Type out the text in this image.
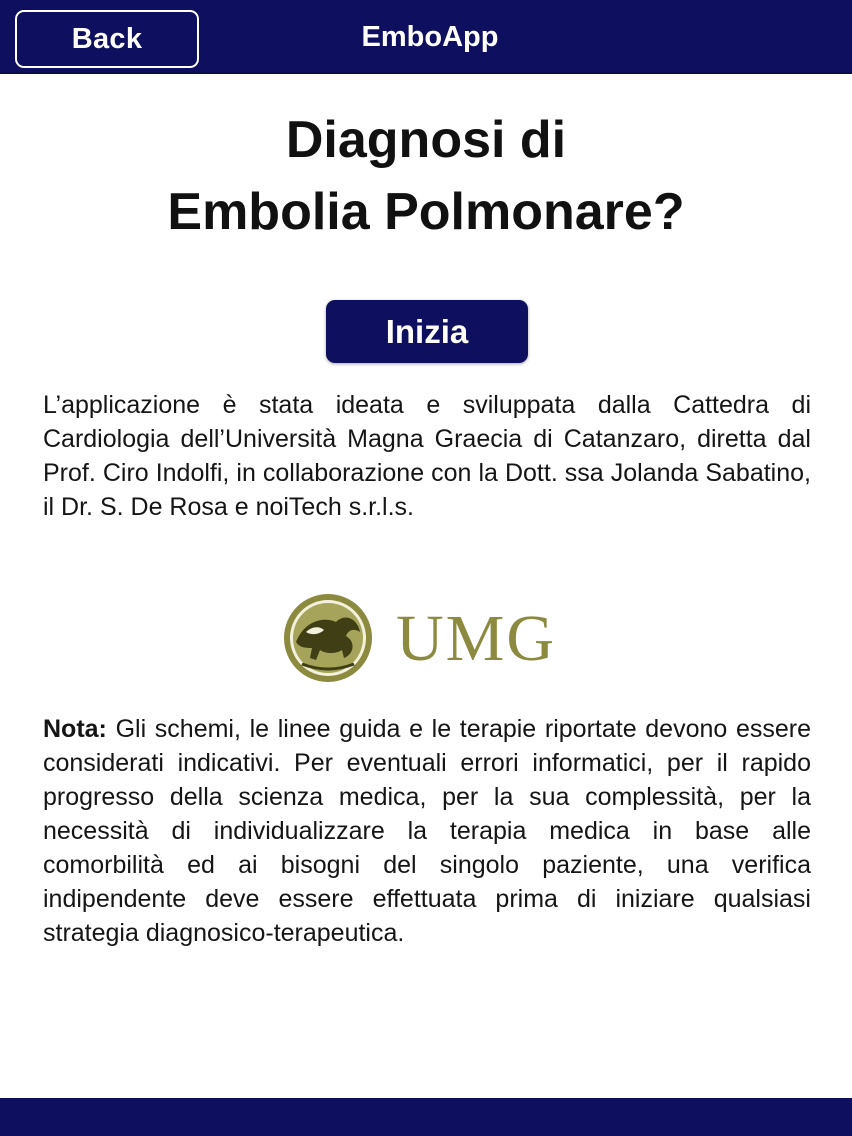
Back	EmboApp
Diagnosi di
Embolia Polmonare?
Inizia
L’applicazione è stata ideata e sviluppata dalla Cattedra di Cardiologia dell’Università Magna Graecia di Catanzaro, diretta dal Prof. Ciro Indolfi, in collaborazione con la Dott. ssa Jolanda Sabatino, il Dr. S. De Rosa e noiTech s.r.l.s.
UMG
Nota: Gli schemi, le linee guida e le terapie riportate devono essere considerati indicativi. Per eventuali errori informatici, per il rapido progresso della scienza medica, per la sua complessità, per la necessità di individualizzare la terapia medica in base alle comorbilità ed ai bisogni del singolo paziente, una verifica indipendente deve essere effettuata prima di iniziare qualsiasi strategia diagnosico-terapeutica.
